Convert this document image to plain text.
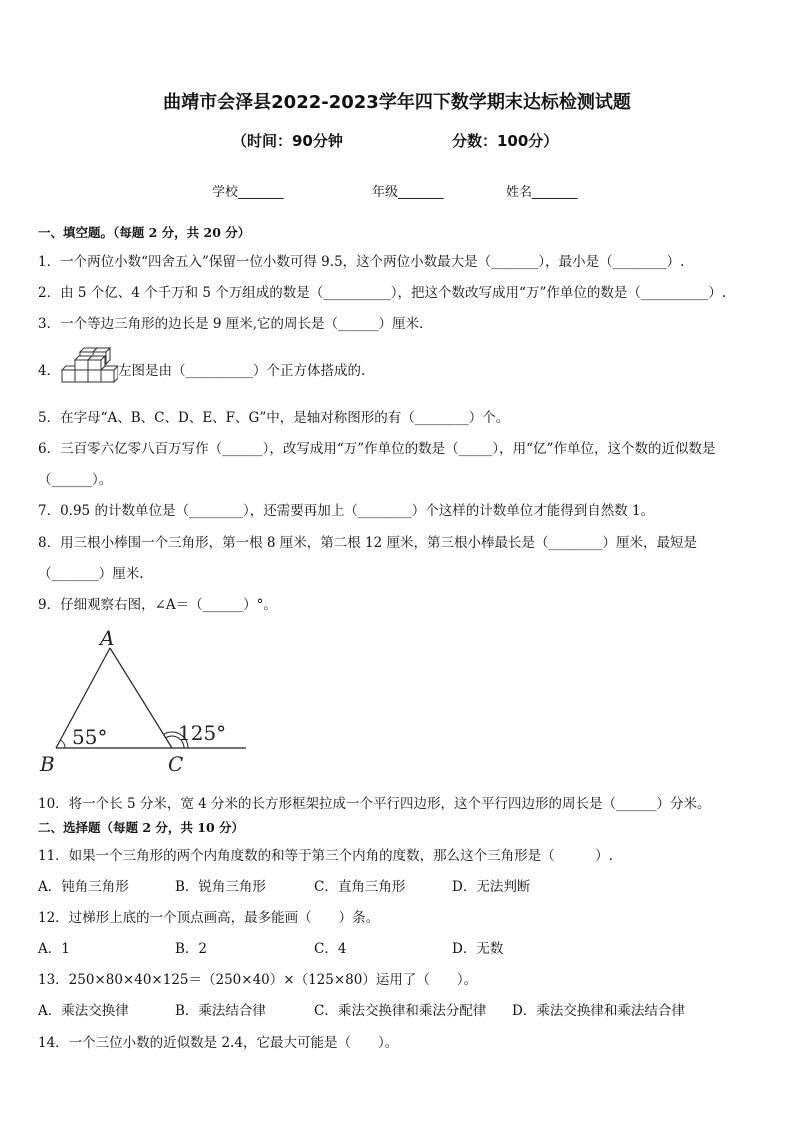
曲靖市会泽县2022-2023学年四下数学期末达标检测试题
（时间：90分钟	分数：100分）
学校_______	年级_______	姓名_______
一、填空题。（每题 2 分，共 20 分）
1．一个两位小数“四舍五入”保留一位小数可得 9.5，这个两位小数最大是（_______），最小是（________）.
2．由 5 个亿、4 个千万和 5 个万组成的数是（__________），把这个数改写成用“万”作单位的数是（__________）.
3．一个等边三角形的边长是 9 厘米,它的周长是（______）厘米.
4．	左图是由（__________）个正方体搭成的.
5．在字母“A、B、C、D、E、F、G”中，是轴对称图形的有（________）个。
6．三百零六亿零八百万写作（______），改写成用“万”作单位的数是（_____），用“亿”作单位，这个数的近似数是
（______）。
7．0.95 的计数单位是（________），还需要再加上（________）个这样的计数单位才能得到自然数 1。
8．用三根小棒围一个三角形，第一根 8 厘米，第二根 12 厘米，第三根小棒最长是（________）厘米，最短是
（_______）厘米.
9．仔细观察右图，∠A＝（______）°。
A
B	C
55°	125°
10．将一个长 5 分米，宽 4 分米的长方形框架拉成一个平行四边形，这个平行四边形的周长是（______）分米。
二、选择题（每题 2 分，共 10 分）
11．如果一个三角形的两个内角度数的和等于第三个内角的度数，那么这个三角形是（　　　）.
A．钝角三角形	B．锐角三角形	C．直角三角形	D．无法判断
12．过梯形上底的一个顶点画高，最多能画（　　）条。
A．1	B．2	C．4	D．无数
13．250×80×40×125＝（250×40）×（125×80）运用了（　　）。
A．乘法交换律	B．乘法结合律	C．乘法交换律和乘法分配律 D．乘法交换律和乘法结合律
14．一个三位小数的近似数是 2.4，它最大可能是（　　）。
